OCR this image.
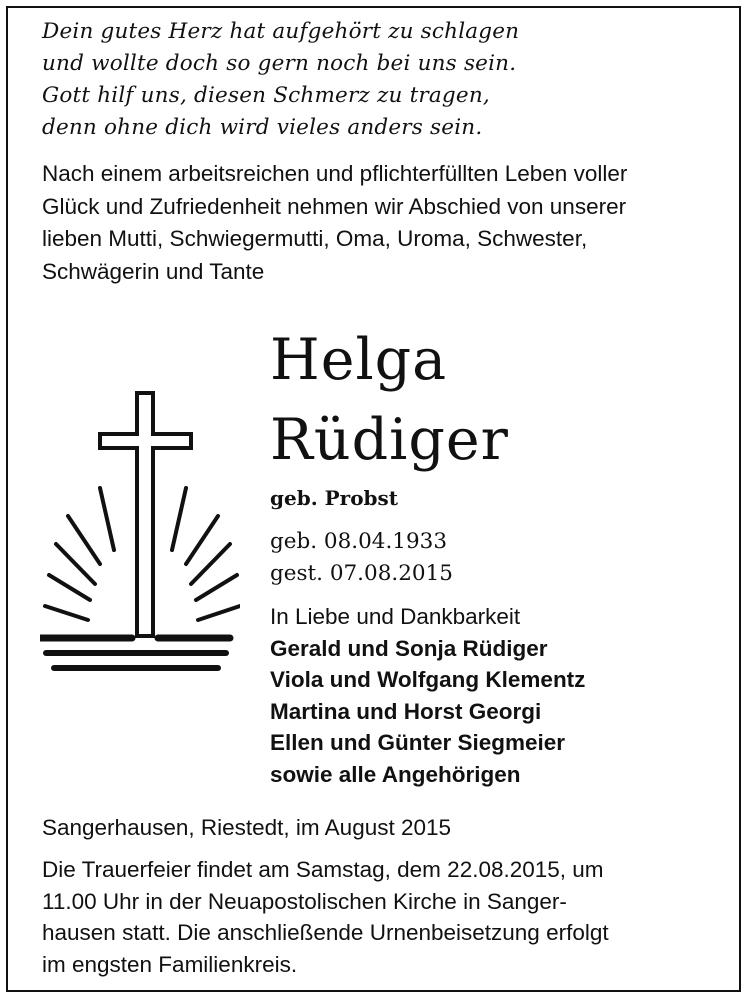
Dein gutes Herz hat aufgehört zu schlagen
und wollte doch so gern noch bei uns sein.
Gott hilf uns, diesen Schmerz zu tragen,
denn ohne dich wird vieles anders sein.
Nach einem arbeitsreichen und pflichterfüllten Leben voller
Glück und Zufriedenheit nehmen wir Abschied von unserer
lieben Mutti, Schwiegermutti, Oma, Uroma, Schwester,
Schwägerin und Tante
Helga
Rüdiger
geb. Probst
geb. 08.04.1933
gest. 07.08.2015
In Liebe und Dankbarkeit
Gerald und Sonja Rüdiger
Viola und Wolfgang Klementz
Martina und Horst Georgi
Ellen und Günter Siegmeier
sowie alle Angehörigen
Sangerhausen, Riestedt, im August 2015
Die Trauerfeier findet am Samstag, dem 22.08.2015, um
11.00 Uhr in der Neuapostolischen Kirche in Sanger-
hausen statt. Die anschließende Urnenbeisetzung erfolgt
im engsten Familienkreis.
